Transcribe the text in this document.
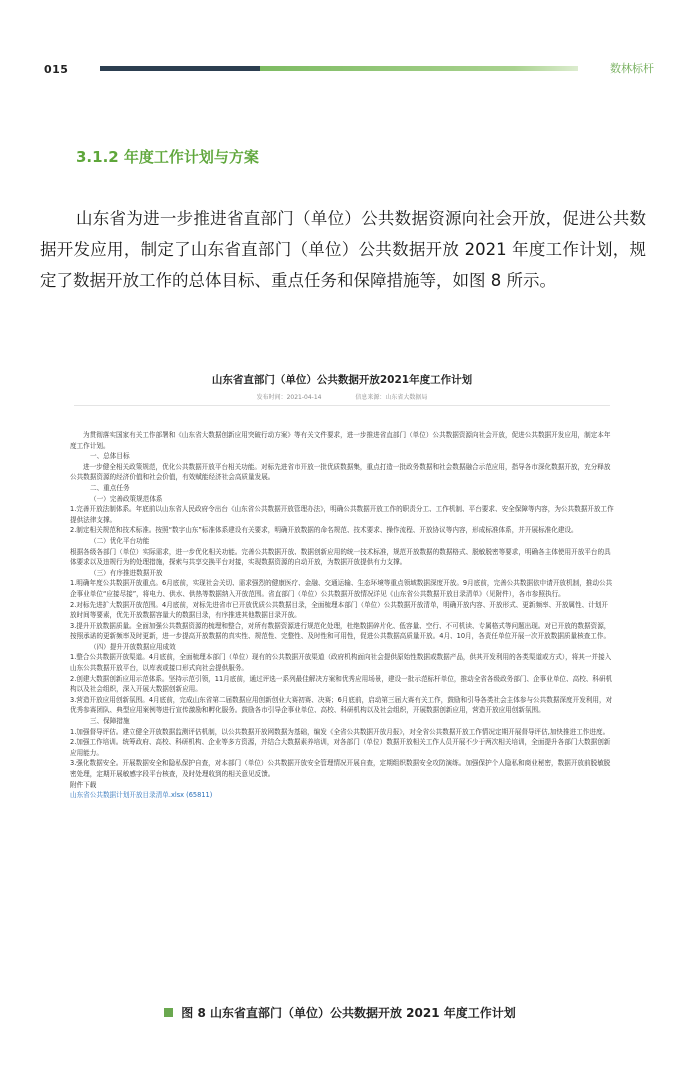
015	数林标杆
3.1.2 年度工作计划与方案

山东省为进一步推进省直部门（单位）公共数据资源向社会开放，促进公共数据开发应用，制定了山东省直部门（单位）公共数据开放 2021 年度工作计划，规定了数据开放工作的总体目标、重点任务和保障措施等，如图 8 所示。

山东省直部门（单位）公共数据开放2021年度工作计划
发布时间：2021-04-14	信息来源：山东省大数据局

为贯彻落实国家有关工作部署和《山东省大数据创新应用突破行动方案》等有关文件要求，进一步推进省直部门（单位）公共数据资源向社会开放，促进公共数据开发应用，制定本年度工作计划。

一、总体目标

进一步健全相关政策规范，优化公共数据开放平台相关功能。对标先进省市开放一批优质数据集，重点打造一批政务数据和社会数据融合示范应用，指导各市深化数据开放，充分释放公共数据资源的经济价值和社会价值，有效赋能经济社会高质量发展。

二、重点任务

（一）完善政策规范体系

1.完善开放法制体系。年底前以山东省人民政府令出台《山东省公共数据开放管理办法》，明确公共数据开放工作的职责分工、工作机制、平台要求、安全保障等内容，为公共数据开放工作提供法律支撑。

2.制定相关规范和技术标准。按照“数字山东”标准体系建设有关要求，明确开放数据的命名规范、技术要求、操作流程、开放协议等内容，形成标准体系，并开展标准化建设。

（二）优化平台功能

根据各级各部门（单位）实际需求，进一步优化相关功能。完善公共数据开放、数据创新应用的统一技术标准，规范开放数据的数据格式、脱敏脱密等要求，明确各主体使用开放平台的具体要求以及违规行为的处理措施，探索与共享交换平台对接，实现数据资源的自动开放，为数据开放提供有力支撑。

（三）有序推进数据开放

1.明确年度公共数据开放重点。6月底前，实现社会关切、需求强烈的健康医疗、金融、交通运输、生态环境等重点领域数据深度开放。9月底前，完善公共数据依申请开放机制，推动公共企事业单位“应接尽接”，将电力、供水、供热等数据纳入开放范围。省直部门（单位）公共数据开放情况详见《山东省公共数据开放目录清单》（见附件），各市参照执行。

2.对标先进扩大数据开放范围。4月底前，对标先进省市已开放优质公共数据目录，全面梳理本部门（单位）公共数据开放清单，明确开放内容、开放形式、更新频率、开放属性、计划开放时间等要素，优先开放数据容量大的数据目录，有序推进其他数据目录开放。

3.提升开放数据质量。全面加强公共数据资源的梳理和整合，对所有数据资源进行规范化处理，杜绝数据碎片化、低容量、空行、不可机读、专属格式等问题出现。对已开放的数据资源，按照承诺的更新频率及时更新，进一步提高开放数据的真实性、规范性、完整性、及时性和可用性，促进公共数据高质量开放。4月、10月，各责任单位开展一次开放数据质量核查工作。

（四）提升开放数据应用成效

1.整合公共数据开放渠道。4月底前，全面梳理本部门（单位）现有的公共数据开放渠道（政府机构面向社会提供原始性数据或数据产品，供其开发利用的各类渠道或方式），将其一并接入山东公共数据开放平台，以库表或接口形式向社会提供服务。

2.创建大数据创新应用示范体系。坚持示范引领，11月底前，通过评选一系列最佳解决方案和优秀应用场景，建设一批示范标杆单位，推动全省各级政务部门、企事业单位、高校、科研机构以及社会组织，深入开展大数据创新应用。

3.营造开放应用创新氛围。4月底前，完成山东省第二届数据应用创新创业大赛初赛、决赛；6月底前，启动第三届大赛有关工作，鼓励和引导各类社会主体参与公共数据深度开发利用，对优秀参赛团队、典型应用案例等进行宣传激励和孵化服务。鼓励各市引导企事业单位、高校、科研机构以及社会组织，开展数据创新应用，营造开放应用创新氛围。

三、保障措施

1.加强督导评估。建立健全开放数据监测评估机制，以公共数据开放网数据为基础，编发《全省公共数据开放月报》，对全省公共数据开放工作情况定期开展督导评估,加快推进工作进度。

2.加强工作培训。统筹政府、高校、科研机构、企业等多方资源，并结合大数据素养培训，对各部门（单位）数据开放相关工作人员开展不少于两次相关培训，全面提升各部门大数据创新应用能力。

3.强化数据安全。开展数据安全和隐私保护自查，对本部门（单位）公共数据开放安全管理情况开展自查，定期组织数据安全攻防演练。加强保护个人隐私和商业秘密，数据开放前脱敏脱密处理，定期开展敏感字段平台核查，及时处理收到的相关意见反馈。

附件下载

山东省公共数据计划开放目录清单.xlsx (65811)

图 8 山东省直部门（单位）公共数据开放 2021 年度工作计划
